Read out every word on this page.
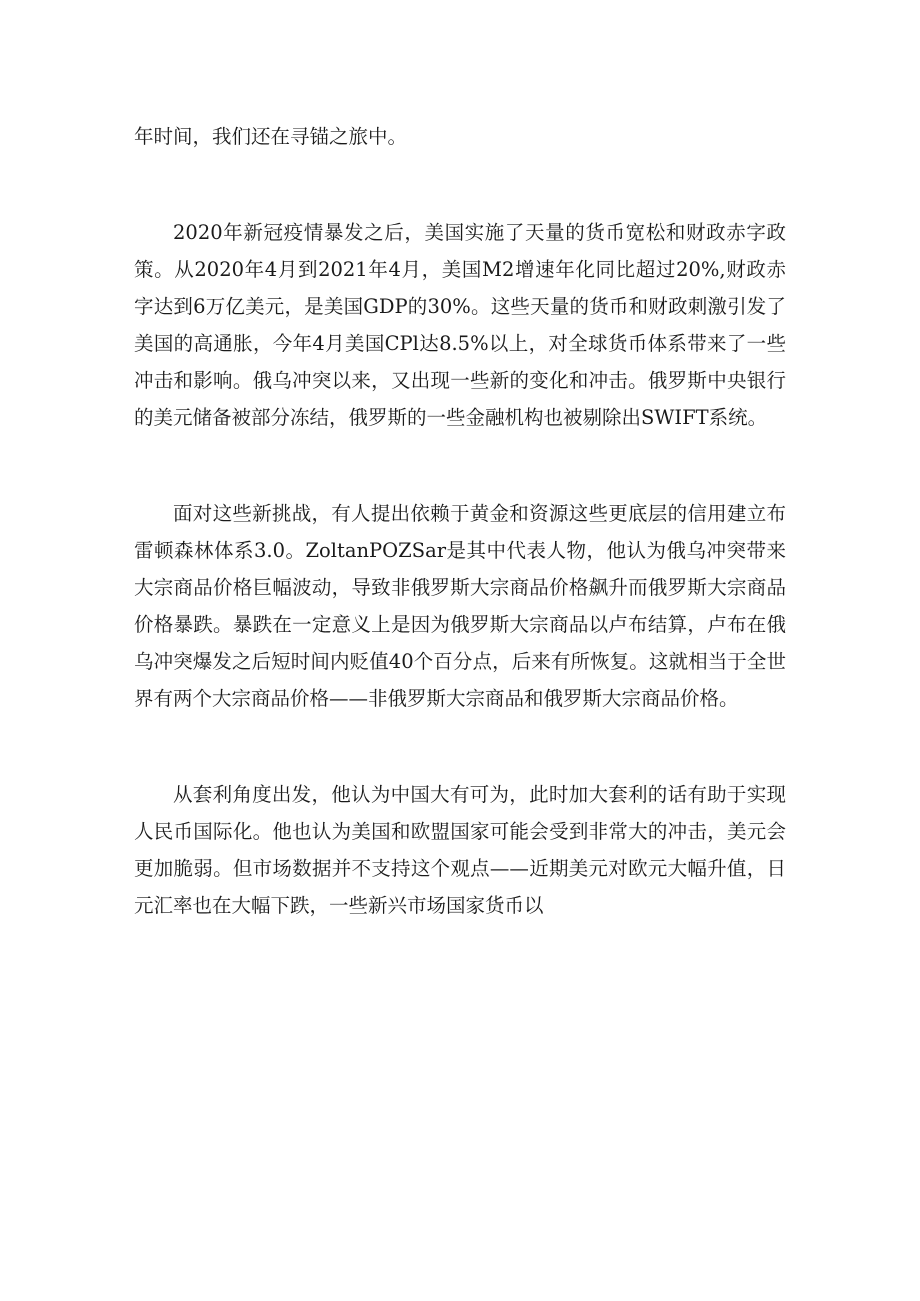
年时间，我们还在寻锚之旅中。

2020年新冠疫情暴发之后，美国实施了天量的货币宽松和财政赤字政策。从2020年4月到2021年4月，美国M2增速年化同比超过20%,财政赤字达到6万亿美元，是美国GDP的30%。这些天量的货币和财政刺激引发了美国的高通胀，今年4月美国CPl达8.5%以上，对全球货币体系带来了一些冲击和影响。俄乌冲突以来，又出现一些新的变化和冲击。俄罗斯中央银行的美元储备被部分冻结，俄罗斯的一些金融机构也被剔除出SWIFT系统。

面对这些新挑战，有人提出依赖于黄金和资源这些更底层的信用建立布雷顿森林体系3.0。ZoltanPOZSar是其中代表人物，他认为俄乌冲突带来大宗商品价格巨幅波动，导致非俄罗斯大宗商品价格飙升而俄罗斯大宗商品价格暴跌。暴跌在一定意义上是因为俄罗斯大宗商品以卢布结算，卢布在俄乌冲突爆发之后短时间内贬值40个百分点，后来有所恢复。这就相当于全世界有两个大宗商品价格——非俄罗斯大宗商品和俄罗斯大宗商品价格。

从套利角度出发，他认为中国大有可为，此时加大套利的话有助于实现人民币国际化。他也认为美国和欧盟国家可能会受到非常大的冲击，美元会更加脆弱。但市场数据并不支持这个观点——近期美元对欧元大幅升值，日元汇率也在大幅下跌，一些新兴市场国家货币以
